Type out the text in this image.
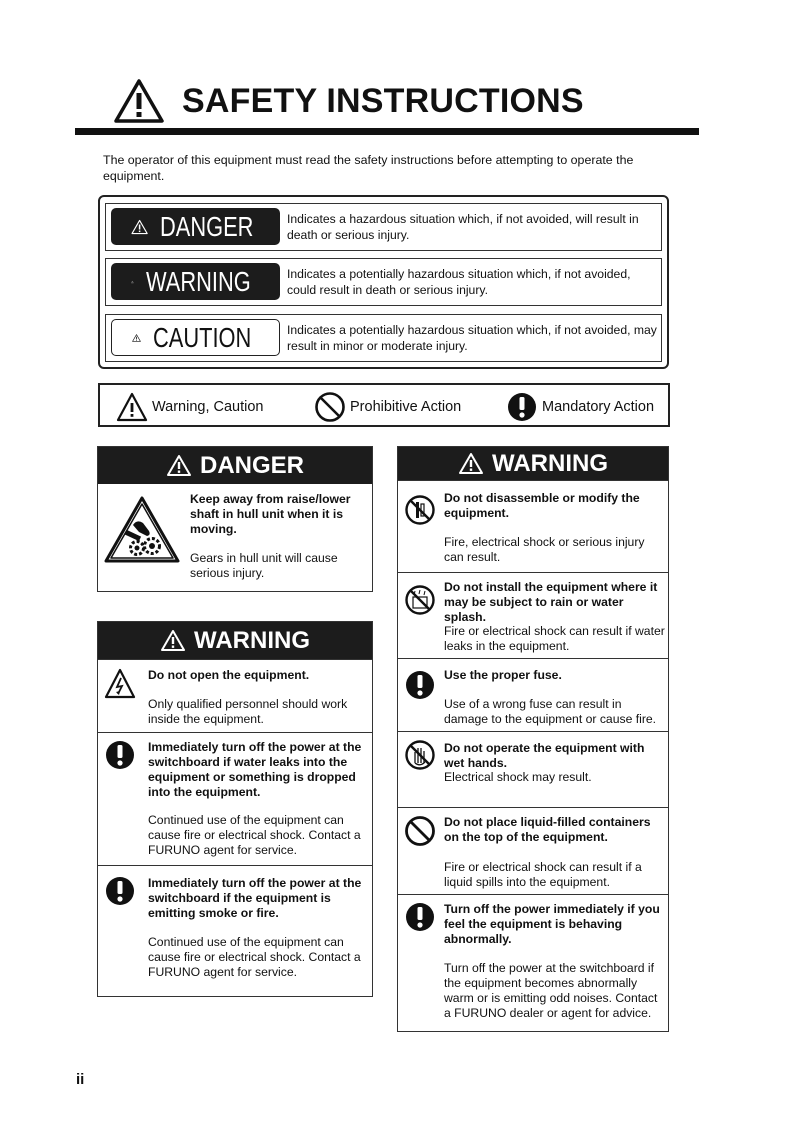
SAFETY INSTRUCTIONS
The operator of this equipment must read the safety instructions before attempting to operate the equipment.
DANGER	Indicates a hazardous situation which, if not avoided, will result in death or serious injury.
WARNING	Indicates a potentially hazardous situation which, if not avoided, could result in death or serious injury.
CAUTION	Indicates a potentially hazardous situation which, if not avoided, may result in minor or moderate injury.
Warning, Caution	Prohibitive Action	Mandatory Action
DANGER
Keep away from raise/lower shaft in hull unit when it is moving.
Gears in hull unit will cause serious injury.
WARNING
Do not open the equipment.
Only qualified personnel should work inside the equipment.
Immediately turn off the power at the switchboard if water leaks into the equipment or something is dropped into the equipment.
Continued use of the equipment can cause fire or electrical shock. Contact a FURUNO agent for service.
Immediately turn off the power at the switchboard if the equipment is emitting smoke or fire.
Continued use of the equipment can cause fire or electrical shock. Contact a FURUNO agent for service.
WARNING
Do not disassemble or modify the equipment.
Fire, electrical shock or serious injury can result.
Do not install the equipment where it may be subject to rain or water splash.
Fire or electrical shock can result if water leaks in the equipment.
Use the proper fuse.
Use of a wrong fuse can result in damage to the equipment or cause fire.
Do not operate the equipment with wet hands.
Electrical shock may result.
Do not place liquid-filled containers on the top of the equipment.
Fire or electrical shock can result if a liquid spills into the equipment.
Turn off the power immediately if you feel the equipment is behaving abnormally.
Turn off the power at the switchboard if the equipment becomes abnormally warm or is emitting odd noises. Contact a FURUNO dealer or agent for advice.
ii
